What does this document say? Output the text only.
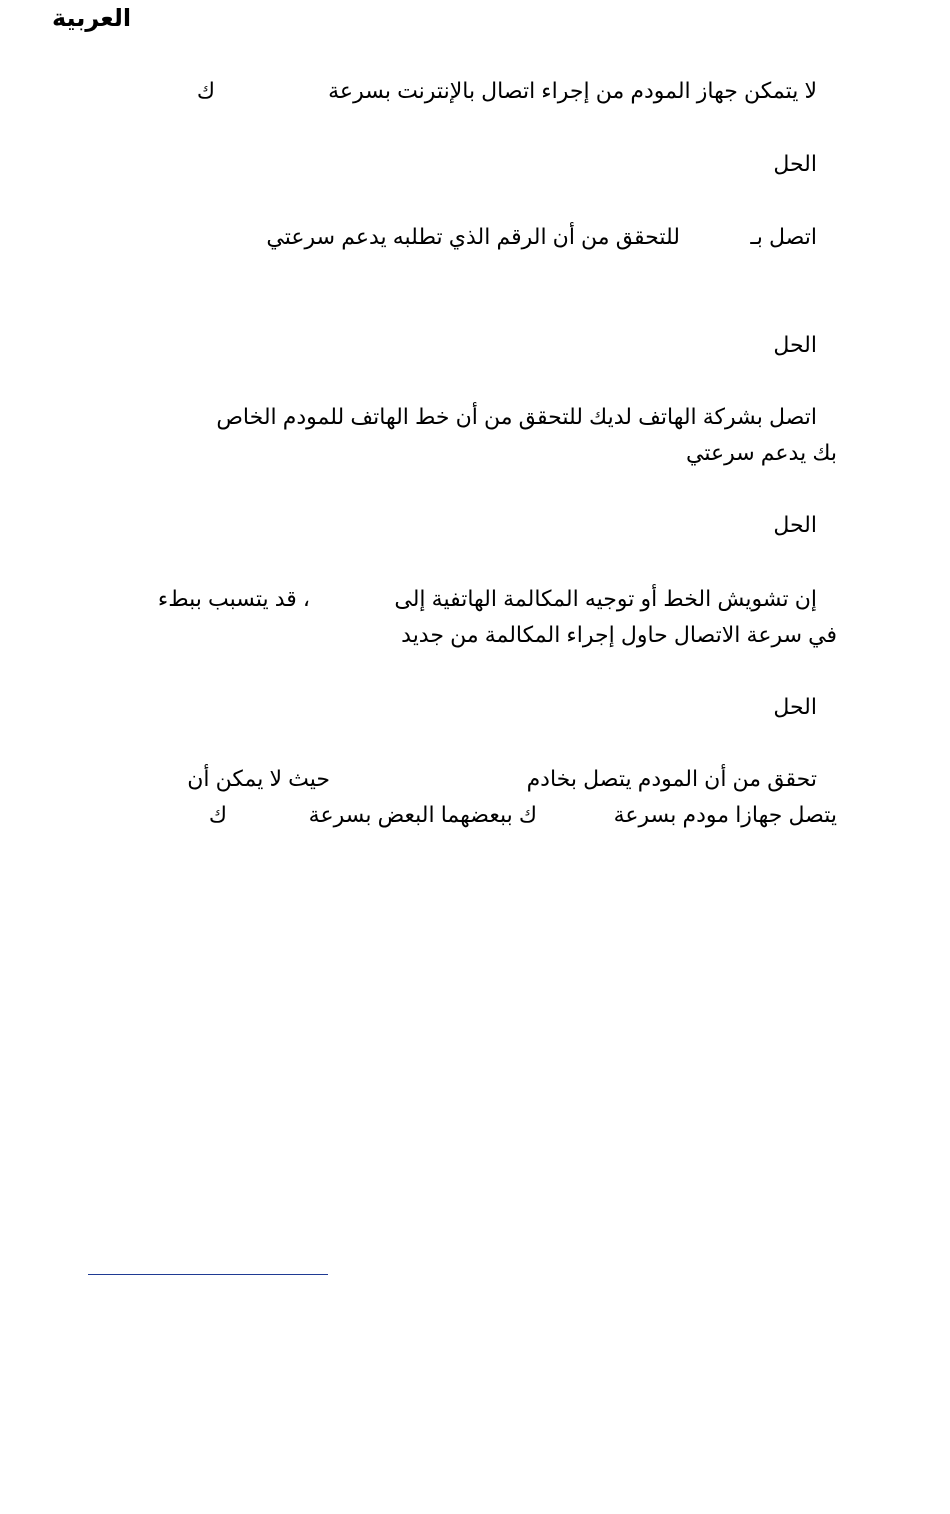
العربية
لا يتمكن جهاز المودم من إجراء اتصال بالإنترنت بسرعة
ك
الحل
اتصل بـ
للتحقق من أن الرقم الذي تطلبه يدعم سرعتي
الحل
اتصل بشركة الهاتف لديك للتحقق من أن خط الهاتف للمودم الخاص
بك يدعم سرعتي
الحل
إن تشويش الخط أو توجيه المكالمة الهاتفية إلى
، قد يتسبب ببطء
في سرعة الاتصال حاول إجراء المكالمة من جديد
الحل
تحقق من أن المودم يتصل بخادم
حيث لا يمكن أن
يتصل جهازا مودم بسرعة
ك ببعضهما البعض بسرعة
ك
